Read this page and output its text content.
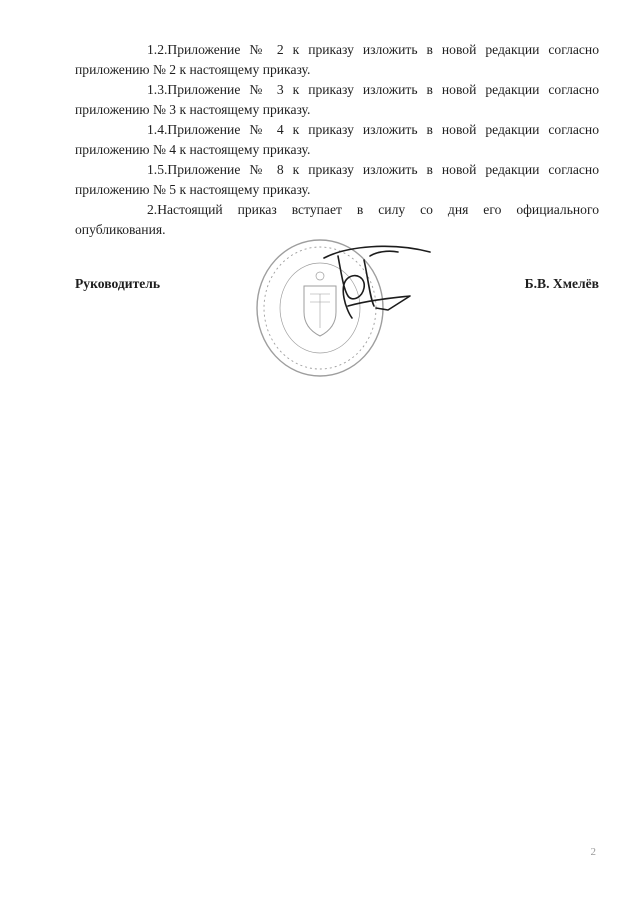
1.2.Приложение № 2 к приказу изложить в новой редакции согласно приложению № 2 к настоящему приказу.

1.3.Приложение № 3 к приказу изложить в новой редакции согласно приложению № 3 к настоящему приказу.

1.4.Приложение № 4 к приказу изложить в новой редакции согласно приложению № 4 к настоящему приказу.

1.5.Приложение № 8 к приказу изложить в новой редакции согласно приложению № 5 к настоящему приказу.

2.Настоящий приказ вступает в силу со дня его официального опубликования.

Руководитель	Б.В. Хмелёв
2
